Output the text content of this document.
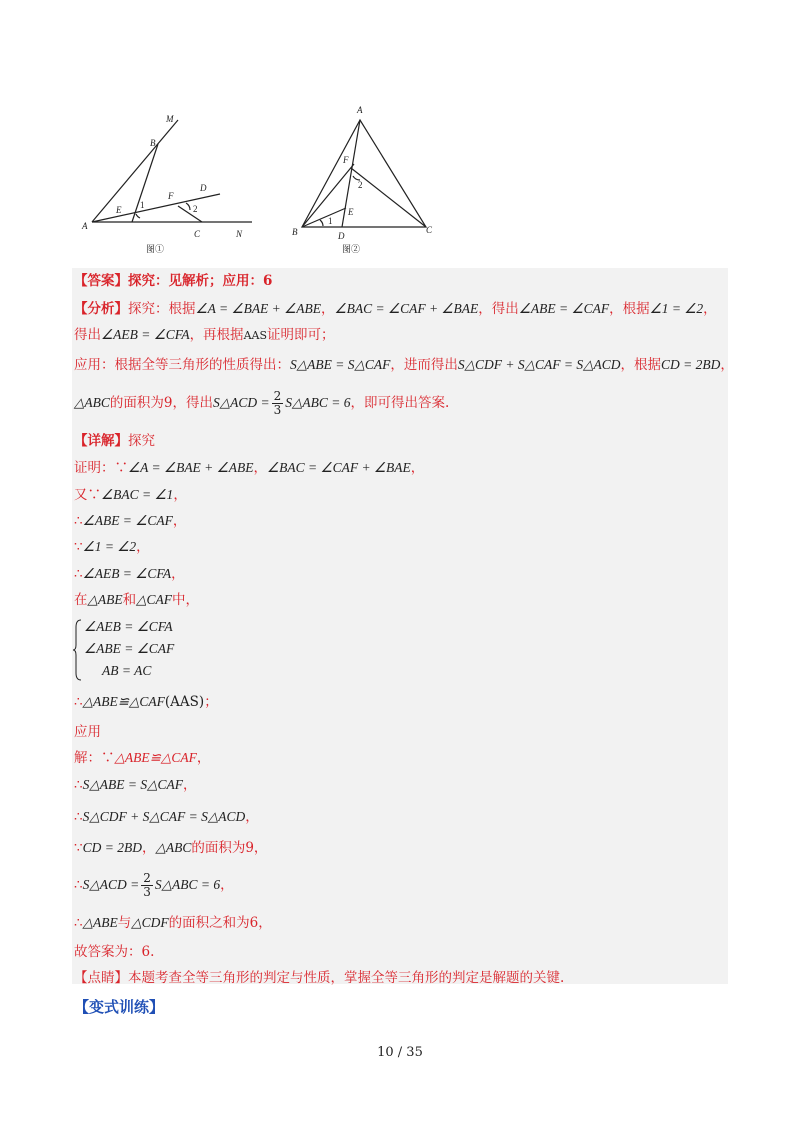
A
B
M
F
D
E
C	N
1	2
图①
A
F
2
E
1
B	D
C
图②
【答案】探究：见解析；应用：6
【分析】探究：根据∠A = ∠BAE + ∠ABE，∠BAC = ∠CAF + ∠BAE，得出∠ABE = ∠CAF，根据∠1 = ∠2，
得出∠AEB = ∠CFA，再根据AAS证明即可；
应用：根据全等三角形的性质得出：S△ABE = S△CAF，进而得出S△CDF + S△CAF = S△ACD，根据CD = 2BD，
△ABC的面积为9，得出S△ACD = $\frac{2}{3}$ S△ABC = 6，即可得出答案.
【详解】探究
证明：∵∠A = ∠BAE + ∠ABE，∠BAC = ∠CAF + ∠BAE，
又∵∠BAC = ∠1，
∴∠ABE = ∠CAF，
∵∠1 = ∠2，
∴∠AEB = ∠CFA，
在△ABE和△CAF中，
∠AEB = ∠CFA
∠ABE = ∠CAF
AB = AC
∴△ABE≌△CAF(AAS)；
应用
解：∵△ABE≌△CAF，
∴S△ABE = S△CAF，
∴S△CDF + S△CAF = S△ACD，
∵CD = 2BD，△ABC的面积为9，
∴S△ACD = $\frac{2}{3}$ S△ABC = 6，
∴△ABE与△CDF的面积之和为6，
故答案为：6.
【点睛】本题考查全等三角形的判定与性质，掌握全等三角形的判定是解题的关键.
【变式训练】
10 / 35
